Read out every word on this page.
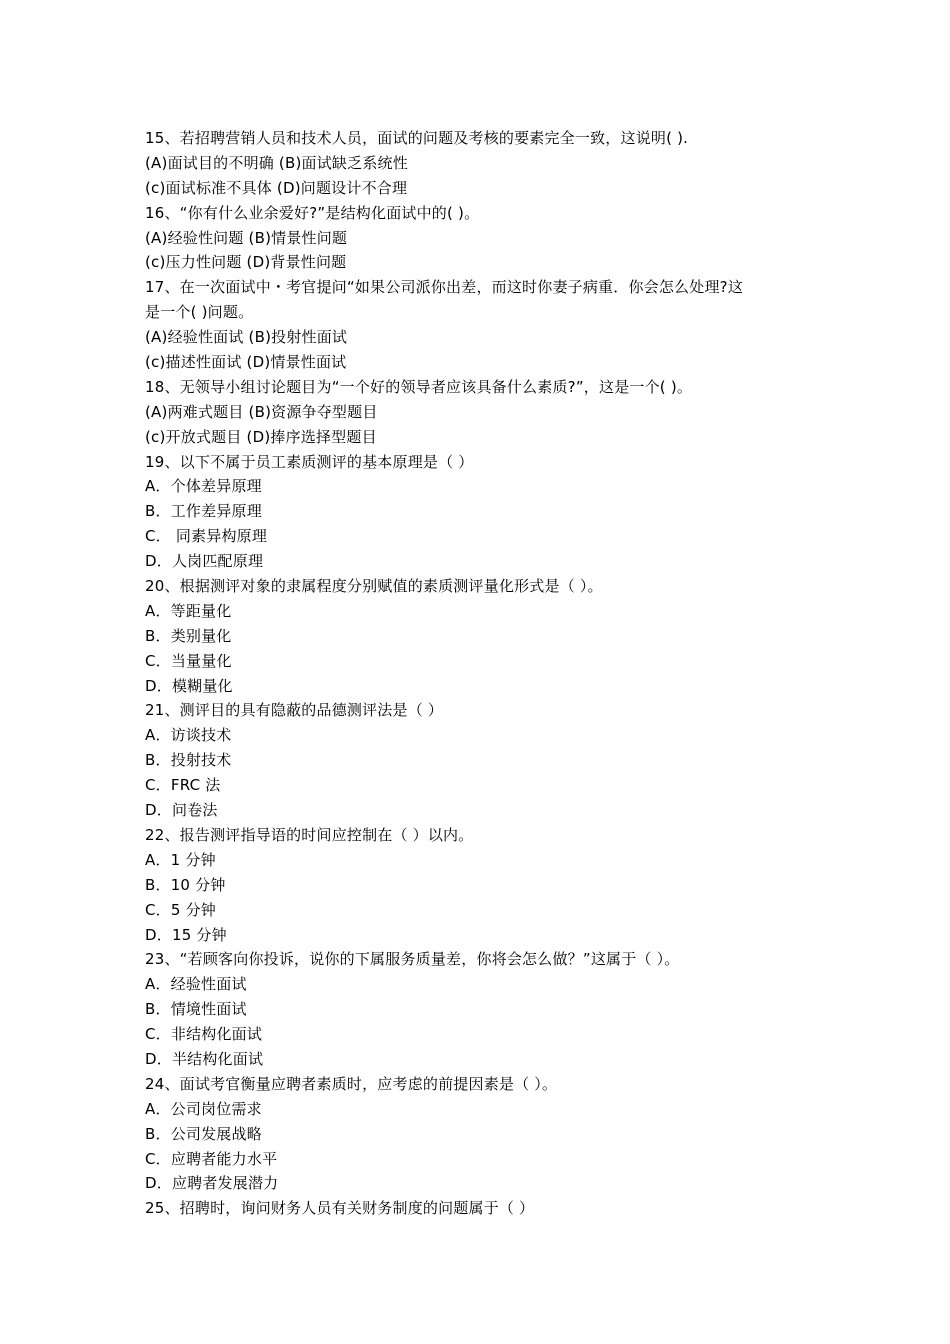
15、若招聘营销人员和技术人员，面试的问题及考核的要素完全一致，这说明( ).
(A)面试目的不明确 (B)面试缺乏系统性
(c)面试标准不具体 (D)问题设计不合理
16、“你有什么业余爱好?”是结构化面试中的( )。
(A)经验性问题 (B)情景性问题
(c)压力性问题 (D)背景性问题
17、在一次面试中・考官提问“如果公司派你出差，而这时你妻子病重．你会怎么处理?这
是一个( )问题。
(A)经验性面试 (B)投射性面试
(c)描述性面试 (D)情景性面试
18、无领导小组讨论题目为“一个好的领导者应该具备什么素质?”，这是一个( )。
(A)两难式题目 (B)资源争夺型题目
(c)开放式题目 (D)捧序选择型题目
19、以下不属于员工素质测评的基本原理是（ ）
A．个体差异原理
B．工作差异原理
C． 同素异构原理
D．人岗匹配原理
20、根据测评对象的隶属程度分别赋值的素质测评量化形式是（ ）。
A．等距量化
B．类别量化
C．当量量化
D．模糊量化
21、测评目的具有隐蔽的品德测评法是（ ）
A．访谈技术
B．投射技术
C．FRC 法
D．问卷法
22、报告测评指导语的时间应控制在（ ）以内。
A．1 分钟
B．10 分钟
C．5 分钟
D．15 分钟
23、“若顾客向你投诉，说你的下属服务质量差，你将会怎么做？”这属于（ ）。
A．经验性面试
B．情境性面试
C．非结构化面试
D．半结构化面试
24、面试考官衡量应聘者素质时，应考虑的前提因素是（ ）。
A．公司岗位需求
B．公司发展战略
C．应聘者能力水平
D．应聘者发展潜力
25、招聘时，询问财务人员有关财务制度的问题属于（ ）
